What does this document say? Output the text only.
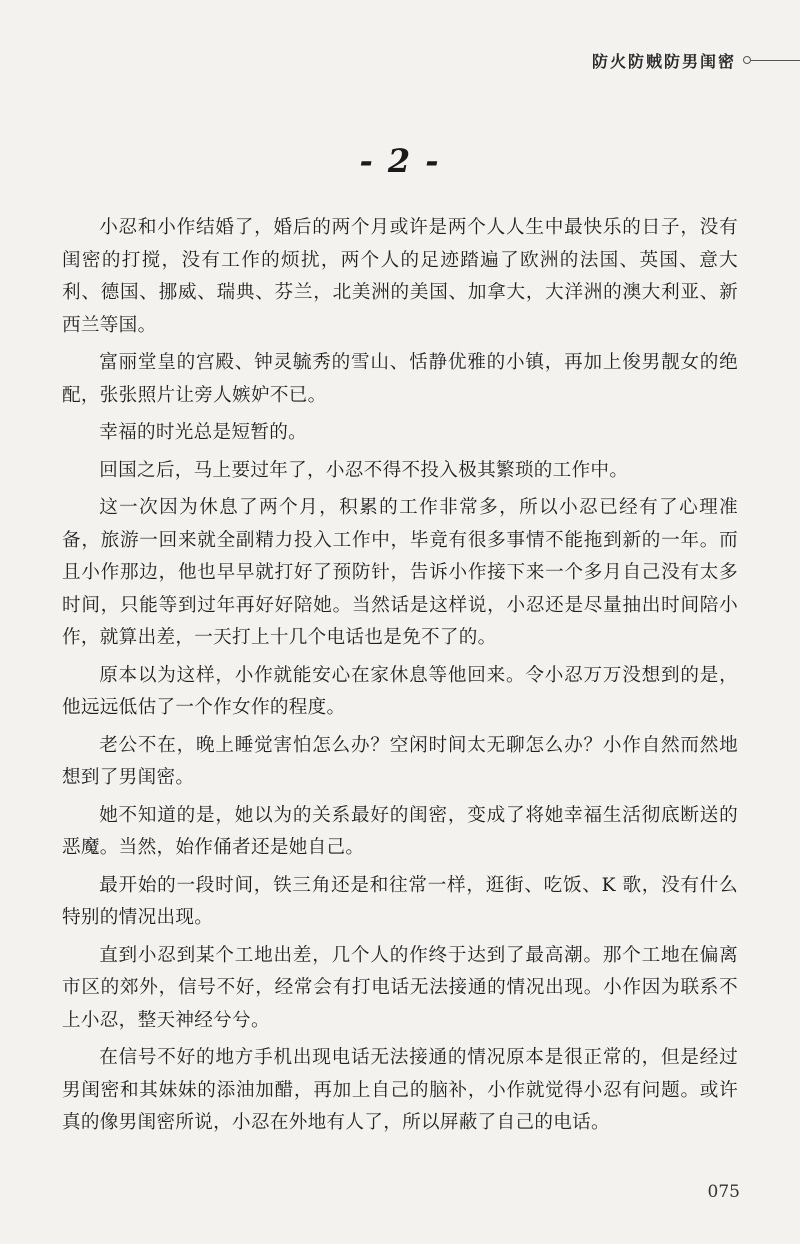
防火防贼防男闺密
- 2 -

小忍和小作结婚了，婚后的两个月或许是两个人人生中最快乐的日子，没有闺密的打搅，没有工作的烦扰，两个人的足迹踏遍了欧洲的法国、英国、意大利、德国、挪威、瑞典、芬兰，北美洲的美国、加拿大，大洋洲的澳大利亚、新西兰等国。

富丽堂皇的宫殿、钟灵毓秀的雪山、恬静优雅的小镇，再加上俊男靓女的绝配，张张照片让旁人嫉妒不已。

幸福的时光总是短暂的。

回国之后，马上要过年了，小忍不得不投入极其繁琐的工作中。

这一次因为休息了两个月，积累的工作非常多，所以小忍已经有了心理准备，旅游一回来就全副精力投入工作中，毕竟有很多事情不能拖到新的一年。而且小作那边，他也早早就打好了预防针，告诉小作接下来一个多月自己没有太多时间，只能等到过年再好好陪她。当然话是这样说，小忍还是尽量抽出时间陪小作，就算出差，一天打上十几个电话也是免不了的。

原本以为这样，小作就能安心在家休息等他回来。令小忍万万没想到的是，他远远低估了一个作女作的程度。

老公不在，晚上睡觉害怕怎么办？空闲时间太无聊怎么办？小作自然而然地想到了男闺密。

她不知道的是，她以为的关系最好的闺密，变成了将她幸福生活彻底断送的恶魔。当然，始作俑者还是她自己。

最开始的一段时间，铁三角还是和往常一样，逛街、吃饭、K 歌，没有什么特别的情况出现。

直到小忍到某个工地出差，几个人的作终于达到了最高潮。那个工地在偏离市区的郊外，信号不好，经常会有打电话无法接通的情况出现。小作因为联系不上小忍，整天神经兮兮。

在信号不好的地方手机出现电话无法接通的情况原本是很正常的，但是经过男闺密和其妹妹的添油加醋，再加上自己的脑补，小作就觉得小忍有问题。或许真的像男闺密所说，小忍在外地有人了，所以屏蔽了自己的电话。

075
